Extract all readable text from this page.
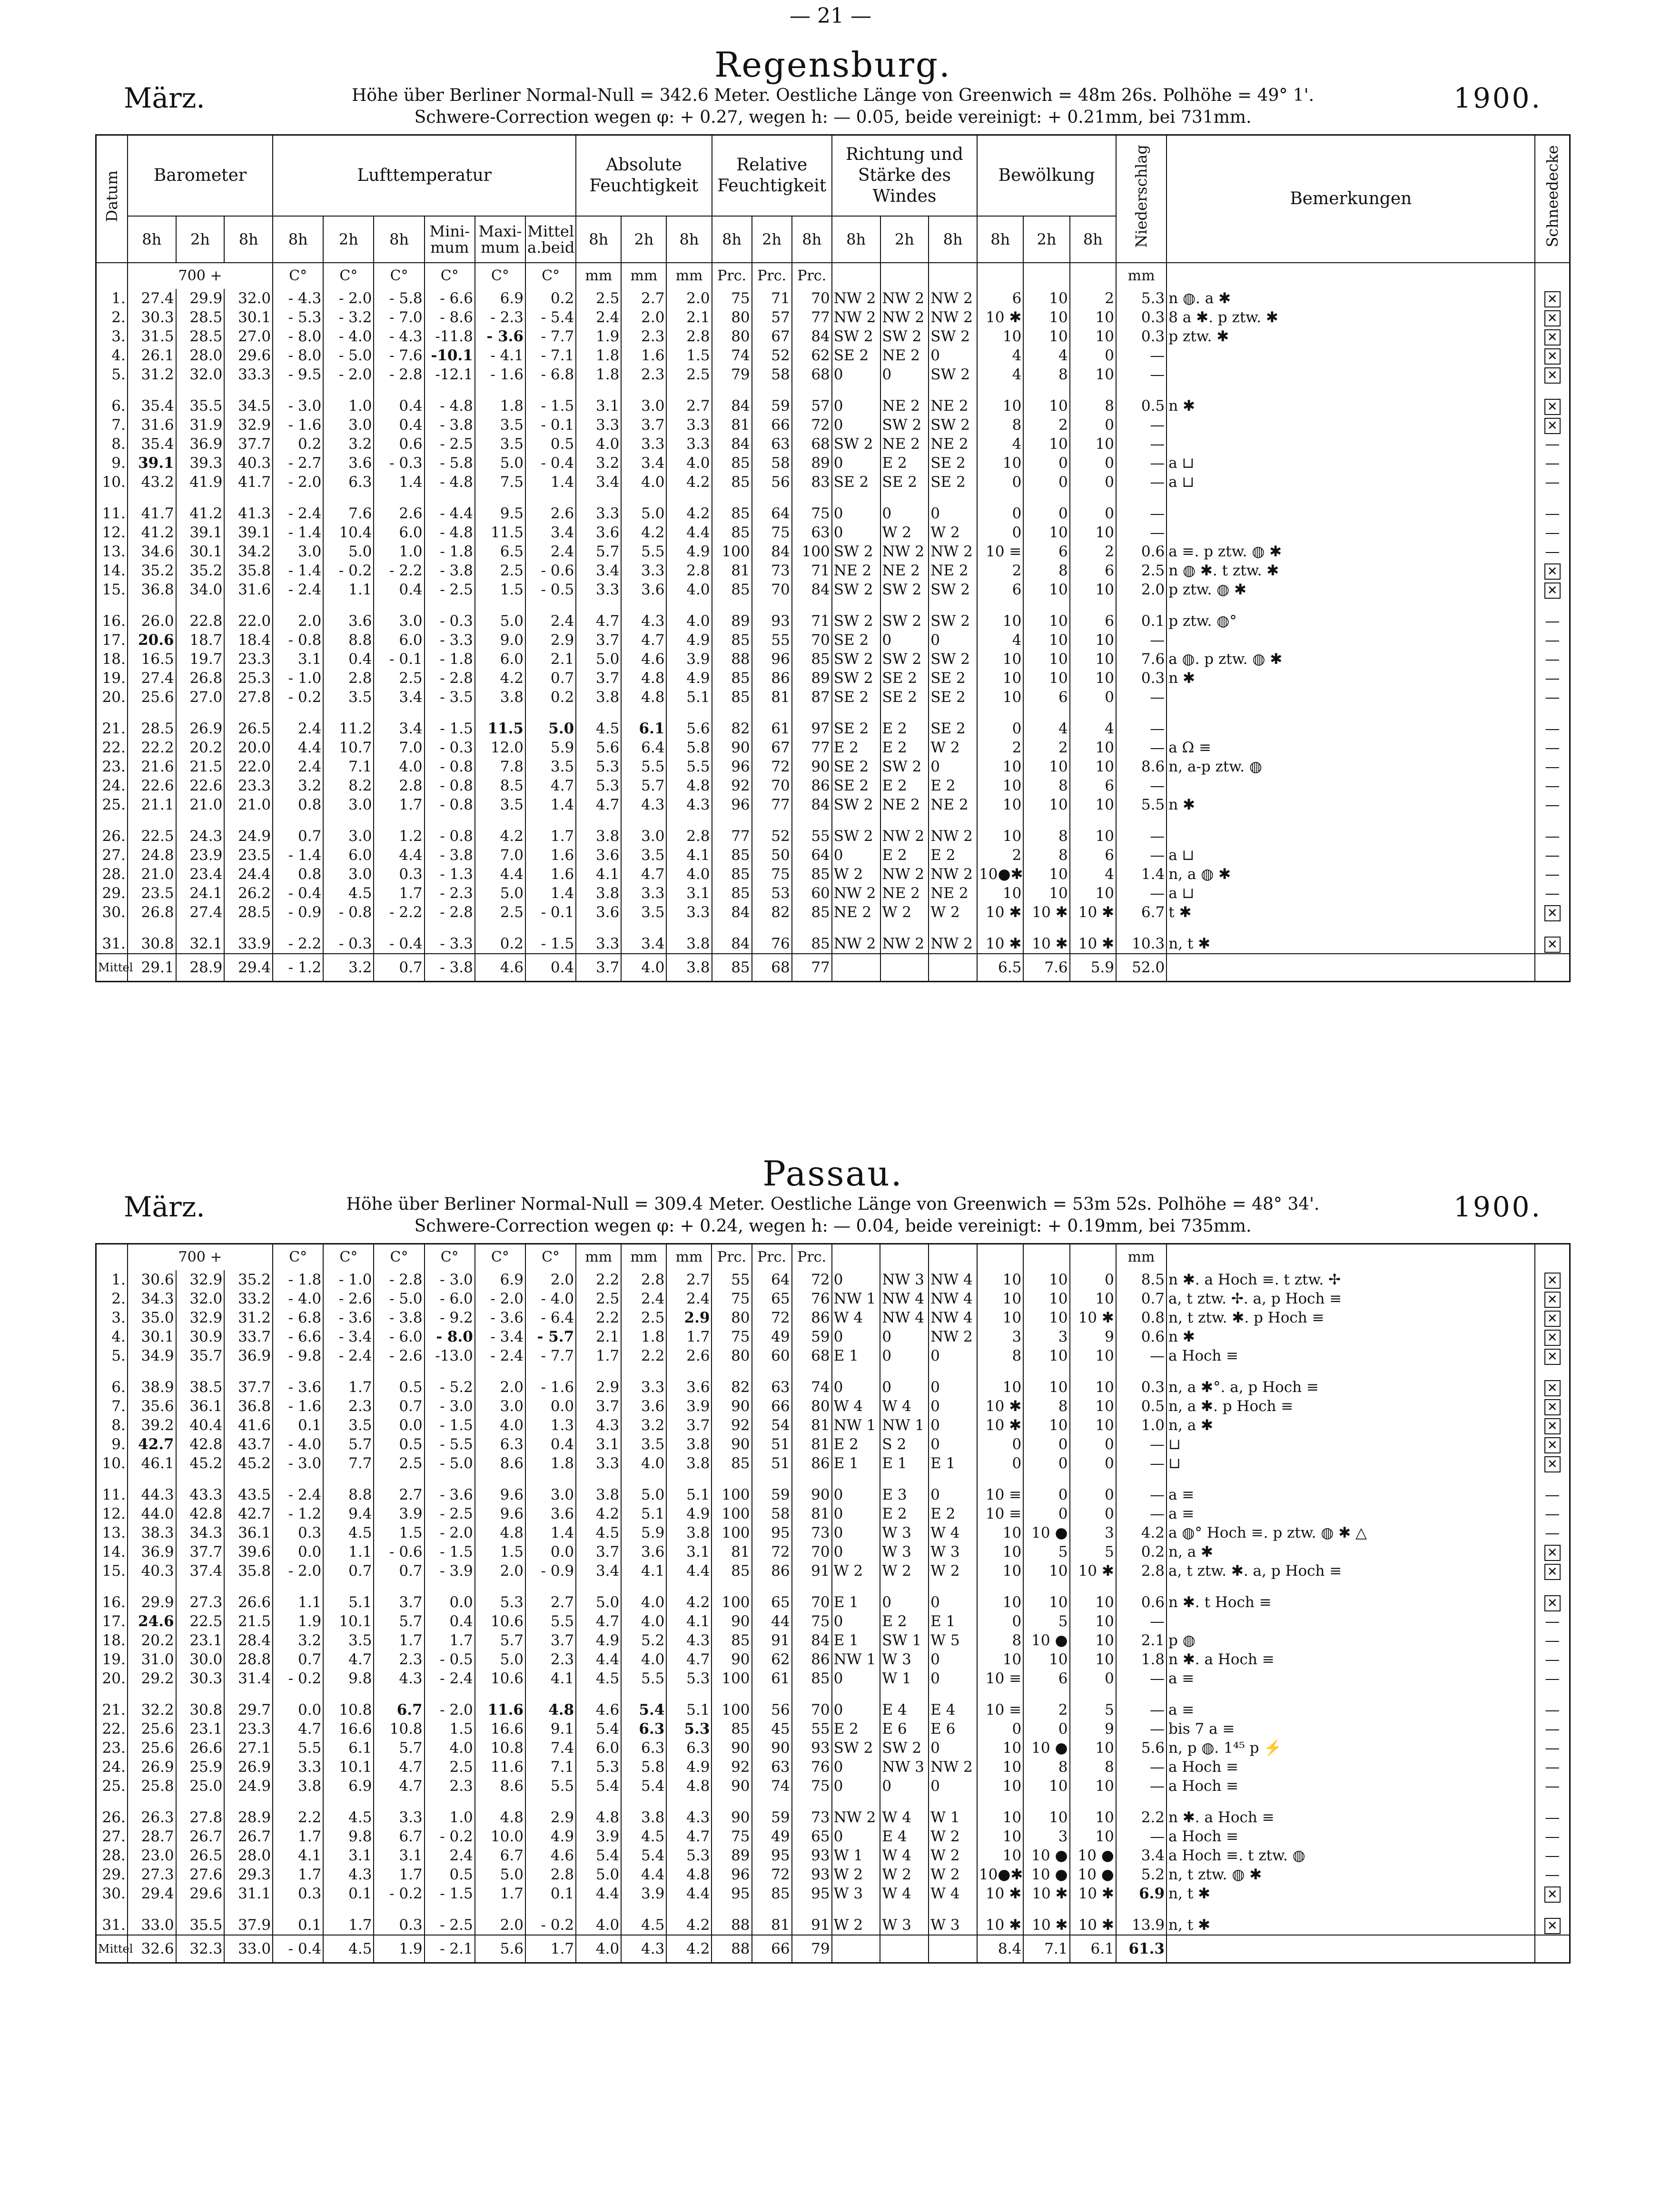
— 21 —
Regensburg.
März.	Höhe über Berliner Normal-Null = 342.6 Meter. Oestliche Länge von Greenwich = 48m 26s. Polhöhe = 49° 1'.
Schwere-Correction wegen φ: + 0.27, wegen h: — 0.05, beide vereinigt: + 0.21mm, bei 731mm.
1900.
Datum	Barometer			Lufttemperatur						Absolute Feuchtigkeit			Relative Feuchtigkeit			Richtung und Stärke des Windes			Bewölkung			Niederschlag	Bemerkungen	Schneedecke
	8h	2h	8h	8h	2h	8h	Mini-mum	Maxi-mum	Mittel a.beid	8h	2h	8h	8h	2h	8h	8h	2h	8h	8h	2h	8h			
	700 +			C°	C°	C°	C°	C°	C°	mm	mm	mm	Prc.	Prc.	Prc.							mm		
1.	27.4	29.9	32.0	- 4.3	- 2.0	- 5.8	- 6.6	6.9	0.2	2.5	2.7	2.0	75	71	70	NW 2	NW 2	NW 2	6	10	2	5.3	n ◍. a ✱	✕
2.	30.3	28.5	30.1	- 5.3	- 3.2	- 7.0	- 8.6	- 2.3	- 5.4	2.4	2.0	2.1	80	57	77	NW 2	NW 2	NW 2	10 ✱	10	10	0.3	8 a ✱. p ztw. ✱	✕
3.	31.5	28.5	27.0	- 8.0	- 4.0	- 4.3	-11.8	- 3.6	- 7.7	1.9	2.3	2.8	80	67	84	SW 2	SW 2	SW 2	10	10	10	0.3	p ztw. ✱	✕
4.	26.1	28.0	29.6	- 8.0	- 5.0	- 7.6	-10.1	- 4.1	- 7.1	1.8	1.6	1.5	74	52	62	SE 2	NE 2	0	4	4	0	—		✕
5.	31.2	32.0	33.3	- 9.5	- 2.0	- 2.8	-12.1	- 1.6	- 6.8	1.8	2.3	2.5	79	58	68	0	0	SW 2	4	8	10	—		✕

6.	35.4	35.5	34.5	- 3.0	1.0	0.4	- 4.8	1.8	- 1.5	3.1	3.0	2.7	84	59	57	0	NE 2	NE 2	10	10	8	0.5	n ✱	✕
7.	31.6	31.9	32.9	- 1.6	3.0	0.4	- 3.8	3.5	- 0.1	3.3	3.7	3.3	81	66	72	0	SW 2	SW 2	8	2	0	—		✕
8.	35.4	36.9	37.7	0.2	3.2	0.6	- 2.5	3.5	0.5	4.0	3.3	3.3	84	63	68	SW 2	NE 2	NE 2	4	10	10	—		—
9.	39.1	39.3	40.3	- 2.7	3.6	- 0.3	- 5.8	5.0	- 0.4	3.2	3.4	4.0	85	58	89	0	E 2	SE 2	10	0	0	—	a ⊔	—
10.	43.2	41.9	41.7	- 2.0	6.3	1.4	- 4.8	7.5	1.4	3.4	4.0	4.2	85	56	83	SE 2	SE 2	SE 2	0	0	0	—	a ⊔	—

11.	41.7	41.2	41.3	- 2.4	7.6	2.6	- 4.4	9.5	2.6	3.3	5.0	4.2	85	64	75	0	0	0	0	0	0	—		—
12.	41.2	39.1	39.1	- 1.4	10.4	6.0	- 4.8	11.5	3.4	3.6	4.2	4.4	85	75	63	0	W 2	W 2	0	10	10	—		—
13.	34.6	30.1	34.2	3.0	5.0	1.0	- 1.8	6.5	2.4	5.7	5.5	4.9	100	84	100	SW 2	NW 2	NW 2	10 ≡	6	2	0.6	a ≡. p ztw. ◍ ✱	—
14.	35.2	35.2	35.8	- 1.4	- 0.2	- 2.2	- 3.8	2.5	- 0.6	3.4	3.3	2.8	81	73	71	NE 2	NE 2	NE 2	2	8	6	2.5	n ◍ ✱. t ztw. ✱	✕
15.	36.8	34.0	31.6	- 2.4	1.1	0.4	- 2.5	1.5	- 0.5	3.3	3.6	4.0	85	70	84	SW 2	SW 2	SW 2	6	10	10	2.0	p ztw. ◍ ✱	✕

16.	26.0	22.8	22.0	2.0	3.6	3.0	- 0.3	5.0	2.4	4.7	4.3	4.0	89	93	71	SW 2	SW 2	SW 2	10	10	6	0.1	p ztw. ◍°	—
17.	20.6	18.7	18.4	- 0.8	8.8	6.0	- 3.3	9.0	2.9	3.7	4.7	4.9	85	55	70	SE 2	0	0	4	10	10	—		—
18.	16.5	19.7	23.3	3.1	0.4	- 0.1	- 1.8	6.0	2.1	5.0	4.6	3.9	88	96	85	SW 2	SW 2	SW 2	10	10	10	7.6	a ◍. p ztw. ◍ ✱	—
19.	27.4	26.8	25.3	- 1.0	2.8	2.5	- 2.8	4.2	0.7	3.7	4.8	4.9	85	86	89	SW 2	SE 2	SE 2	10	10	10	0.3	n ✱	—
20.	25.6	27.0	27.8	- 0.2	3.5	3.4	- 3.5	3.8	0.2	3.8	4.8	5.1	85	81	87	SE 2	SE 2	SE 2	10	6	0	—		—

21.	28.5	26.9	26.5	2.4	11.2	3.4	- 1.5	11.5	5.0	4.5	6.1	5.6	82	61	97	SE 2	E 2	SE 2	0	4	4	—		—
22.	22.2	20.2	20.0	4.4	10.7	7.0	- 0.3	12.0	5.9	5.6	6.4	5.8	90	67	77	E 2	E 2	W 2	2	2	10	—	a Ω ≡	—
23.	21.6	21.5	22.0	2.4	7.1	4.0	- 0.8	7.8	3.5	5.3	5.5	5.5	96	72	90	SE 2	SW 2	0	10	10	10	8.6	n, a-p ztw. ◍	—
24.	22.6	22.6	23.3	3.2	8.2	2.8	- 0.8	8.5	4.7	5.3	5.7	4.8	92	70	86	SE 2	E 2	E 2	10	8	6	—		—
25.	21.1	21.0	21.0	0.8	3.0	1.7	- 0.8	3.5	1.4	4.7	4.3	4.3	96	77	84	SW 2	NE 2	NE 2	10	10	10	5.5	n ✱	—

26.	22.5	24.3	24.9	0.7	3.0	1.2	- 0.8	4.2	1.7	3.8	3.0	2.8	77	52	55	SW 2	NW 2	NW 2	10	8	10	—		—
27.	24.8	23.9	23.5	- 1.4	6.0	4.4	- 3.8	7.0	1.6	3.6	3.5	4.1	85	50	64	0	E 2	E 2	2	8	6	—	a ⊔	—
28.	21.0	23.4	24.4	0.8	3.0	0.3	- 1.3	4.4	1.6	4.1	4.7	4.0	85	75	85	W 2	NW 2	NW 2	10●✱	10	4	1.4	n, a ◍ ✱	—
29.	23.5	24.1	26.2	- 0.4	4.5	1.7	- 2.3	5.0	1.4	3.8	3.3	3.1	85	53	60	NW 2	NE 2	NE 2	10	10	10	—	a ⊔	—
30.	26.8	27.4	28.5	- 0.9	- 0.8	- 2.2	- 2.8	2.5	- 0.1	3.6	3.5	3.3	84	82	85	NE 2	W 2	W 2	10 ✱	10 ✱	10 ✱	6.7	t ✱	✕

31.	30.8	32.1	33.9	- 2.2	- 0.3	- 0.4	- 3.3	0.2	- 1.5	3.3	3.4	3.8	84	76	85	NW 2	NW 2	NW 2	10 ✱	10 ✱	10 ✱	10.3	n, t ✱	✕
Mittel	29.1	28.9	29.4	- 1.2	3.2	0.7	- 3.8	4.6	0.4	3.7	4.0	3.8	85	68	77				6.5	7.6	5.9	52.0		
Passau.
März.	Höhe über Berliner Normal-Null = 309.4 Meter. Oestliche Länge von Greenwich = 53m 52s. Polhöhe = 48° 34'.
Schwere-Correction wegen φ: + 0.24, wegen h: — 0.04, beide vereinigt: + 0.19mm, bei 735mm.
1900.
	700 +			C°	C°	C°	C°	C°	C°	mm	mm	mm	Prc.	Prc.	Prc.							mm		
1.	30.6	32.9	35.2	- 1.8	- 1.0	- 2.8	- 3.0	6.9	2.0	2.2	2.8	2.7	55	64	72	0	NW 3	NW 4	10	10	0	8.5	n ✱. a Hoch ≡. t ztw. ✢	✕
2.	34.3	32.0	33.2	- 4.0	- 2.6	- 5.0	- 6.0	- 2.0	- 4.0	2.5	2.4	2.4	75	65	76	NW 1	NW 4	NW 4	10	10	10	0.7	a, t ztw. ✢. a, p Hoch ≡	✕
3.	35.0	32.9	31.2	- 6.8	- 3.6	- 3.8	- 9.2	- 3.6	- 6.4	2.2	2.5	2.9	80	72	86	W 4	NW 4	NW 4	10	10	10 ✱	0.8	n, t ztw. ✱. p Hoch ≡	✕
4.	30.1	30.9	33.7	- 6.6	- 3.4	- 6.0	- 8.0	- 3.4	- 5.7	2.1	1.8	1.7	75	49	59	0	0	NW 2	3	3	9	0.6	n ✱	✕
5.	34.9	35.7	36.9	- 9.8	- 2.4	- 2.6	-13.0	- 2.4	- 7.7	1.7	2.2	2.6	80	60	68	E 1	0	0	8	10	10	—	a Hoch ≡	✕

6.	38.9	38.5	37.7	- 3.6	1.7	0.5	- 5.2	2.0	- 1.6	2.9	3.3	3.6	82	63	74	0	0	0	10	10	10	0.3	n, a ✱°. a, p Hoch ≡	✕
7.	35.6	36.1	36.8	- 1.6	2.3	0.7	- 3.0	3.0	0.0	3.7	3.6	3.9	90	66	80	W 4	W 4	0	10 ✱	8	10	0.5	n, a ✱. p Hoch ≡	✕
8.	39.2	40.4	41.6	0.1	3.5	0.0	- 1.5	4.0	1.3	4.3	3.2	3.7	92	54	81	NW 1	NW 1	0	10 ✱	10	10	1.0	n, a ✱	✕
9.	42.7	42.8	43.7	- 4.0	5.7	0.5	- 5.5	6.3	0.4	3.1	3.5	3.8	90	51	81	E 2	S 2	0	0	0	0	—	⊔	✕
10.	46.1	45.2	45.2	- 3.0	7.7	2.5	- 5.0	8.6	1.8	3.3	4.0	3.8	85	51	86	E 1	E 1	E 1	0	0	0	—	⊔	✕

11.	44.3	43.3	43.5	- 2.4	8.8	2.7	- 3.6	9.6	3.0	3.8	5.0	5.1	100	59	90	0	E 3	0	10 ≡	0	0	—	a ≡	—
12.	44.0	42.8	42.7	- 1.2	9.4	3.9	- 2.5	9.6	3.6	4.2	5.1	4.9	100	58	81	0	E 2	E 2	10 ≡	0	0	—	a ≡	—
13.	38.3	34.3	36.1	0.3	4.5	1.5	- 2.0	4.8	1.4	4.5	5.9	3.8	100	95	73	0	W 3	W 4	10	10 ●	3	4.2	a ◍° Hoch ≡. p ztw. ◍ ✱ △	—
14.	36.9	37.7	39.6	0.0	1.1	- 0.6	- 1.5	1.5	0.0	3.7	3.6	3.1	81	72	70	0	W 3	W 3	10	5	5	0.2	n, a ✱	✕
15.	40.3	37.4	35.8	- 2.0	0.7	0.7	- 3.9	2.0	- 0.9	3.4	4.1	4.4	85	86	91	W 2	W 2	W 2	10	10	10 ✱	2.8	a, t ztw. ✱. a, p Hoch ≡	✕

16.	29.9	27.3	26.6	1.1	5.1	3.7	0.0	5.3	2.7	5.0	4.0	4.2	100	65	70	E 1	0	0	10	10	10	0.6	n ✱. t Hoch ≡	✕
17.	24.6	22.5	21.5	1.9	10.1	5.7	0.4	10.6	5.5	4.7	4.0	4.1	90	44	75	0	E 2	E 1	0	5	10	—		—
18.	20.2	23.1	28.4	3.2	3.5	1.7	1.7	5.7	3.7	4.9	5.2	4.3	85	91	84	E 1	SW 1	W 5	8	10 ●	10	2.1	p ◍	—
19.	31.0	30.0	28.8	0.7	4.7	2.3	- 0.5	5.0	2.3	4.4	4.0	4.7	90	62	86	NW 1	W 3	0	10	10	10	1.8	n ✱. a Hoch ≡	—
20.	29.2	30.3	31.4	- 0.2	9.8	4.3	- 2.4	10.6	4.1	4.5	5.5	5.3	100	61	85	0	W 1	0	10 ≡	6	0	—	a ≡	—

21.	32.2	30.8	29.7	0.0	10.8	6.7	- 2.0	11.6	4.8	4.6	5.4	5.1	100	56	70	0	E 4	E 4	10 ≡	2	5	—	a ≡	—
22.	25.6	23.1	23.3	4.7	16.6	10.8	1.5	16.6	9.1	5.4	6.3	5.3	85	45	55	E 2	E 6	E 6	0	0	9	—	bis 7 a ≡	—
23.	25.6	26.6	27.1	5.5	6.1	5.7	4.0	10.8	7.4	6.0	6.3	6.3	90	90	93	SW 2	SW 2	0	10	10 ●	10	5.6	n, p ◍. 1⁴⁵ p ⚡	—
24.	26.9	25.9	26.9	3.3	10.1	4.7	2.5	11.6	7.1	5.3	5.8	4.9	92	63	76	0	NW 3	NW 2	10	8	8	—	a Hoch ≡	—
25.	25.8	25.0	24.9	3.8	6.9	4.7	2.3	8.6	5.5	5.4	5.4	4.8	90	74	75	0	0	0	10	10	10	—	a Hoch ≡	—

26.	26.3	27.8	28.9	2.2	4.5	3.3	1.0	4.8	2.9	4.8	3.8	4.3	90	59	73	NW 2	W 4	W 1	10	10	10	2.2	n ✱. a Hoch ≡	—
27.	28.7	26.7	26.7	1.7	9.8	6.7	- 0.2	10.0	4.9	3.9	4.5	4.7	75	49	65	0	E 4	W 2	10	3	10	—	a Hoch ≡	—
28.	23.0	26.5	28.0	4.1	3.1	3.1	2.4	6.7	4.6	5.4	5.4	5.3	89	95	93	W 1	W 4	W 2	10	10 ●	10 ●	3.4	a Hoch ≡. t ztw. ◍	—
29.	27.3	27.6	29.3	1.7	4.3	1.7	0.5	5.0	2.8	5.0	4.4	4.8	96	72	93	W 2	W 2	W 2	10●✱	10 ●	10 ●	5.2	n, t ztw. ◍ ✱	—
30.	29.4	29.6	31.1	0.3	0.1	- 0.2	- 1.5	1.7	0.1	4.4	3.9	4.4	95	85	95	W 3	W 4	W 4	10 ✱	10 ✱	10 ✱	6.9	n, t ✱	✕

31.	33.0	35.5	37.9	0.1	1.7	0.3	- 2.5	2.0	- 0.2	4.0	4.5	4.2	88	81	91	W 2	W 3	W 3	10 ✱	10 ✱	10 ✱	13.9	n, t ✱	✕
Mittel	32.6	32.3	33.0	- 0.4	4.5	1.9	- 2.1	5.6	1.7	4.0	4.3	4.2	88	66	79				8.4	7.1	6.1	61.3		
